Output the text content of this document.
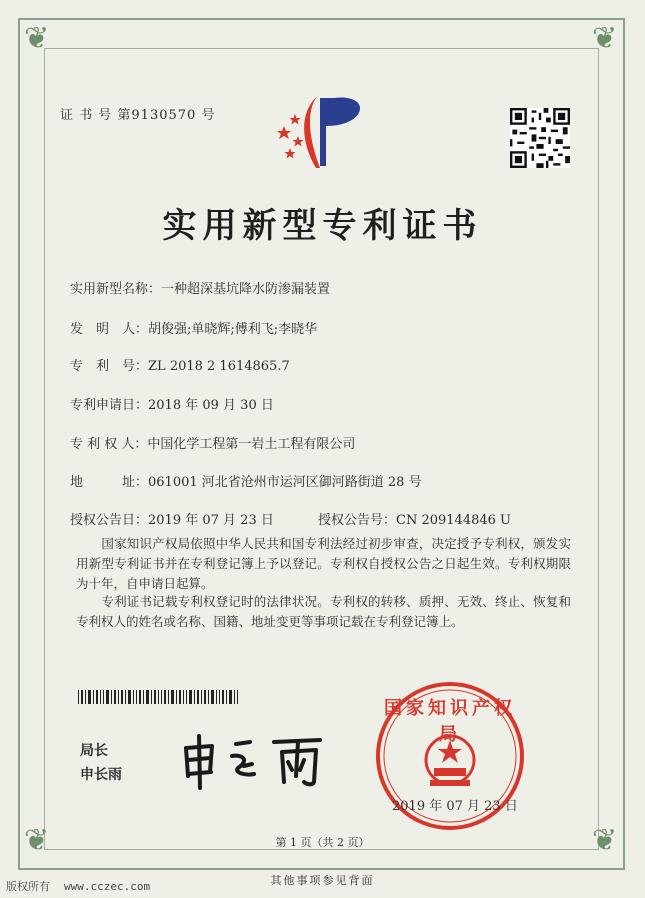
❦	❦
❦	❦
证 书 号 第9130570 号
实用新型专利证书
实用新型名称：一种超深基坑降水防渗漏装置
发　明　人：胡俊强;单晓辉;傅利飞;李晓华
专　利　号：ZL 2018 2 1614865.7
专利申请日：2018 年 09 月 30 日
专 利 权 人：中国化学工程第一岩土工程有限公司
地　　　址：061001 河北省沧州市运河区御河路街道 28 号
授权公告日：2019 年 07 月 23 日	授权公告号：CN 209144846 U
　　国家知识产权局依照中华人民共和国专利法经过初步审查，决定授予专利权，颁发实用新型专利证书并在专利登记簿上予以登记。专利权自授权公告之日起生效。专利权期限为十年，自申请日起算。
　　专利证书记载专利权登记时的法律状况。专利权的转移、质押、无效、终止、恢复和专利权人的姓名或名称、国籍、地址变更等事项记载在专利登记簿上。
局长
申长雨
国家知识产权局
2019 年 07 月 23 日
第 1 页（共 2 页）
其他事项参见背面
版权所有 www.cczec.com
